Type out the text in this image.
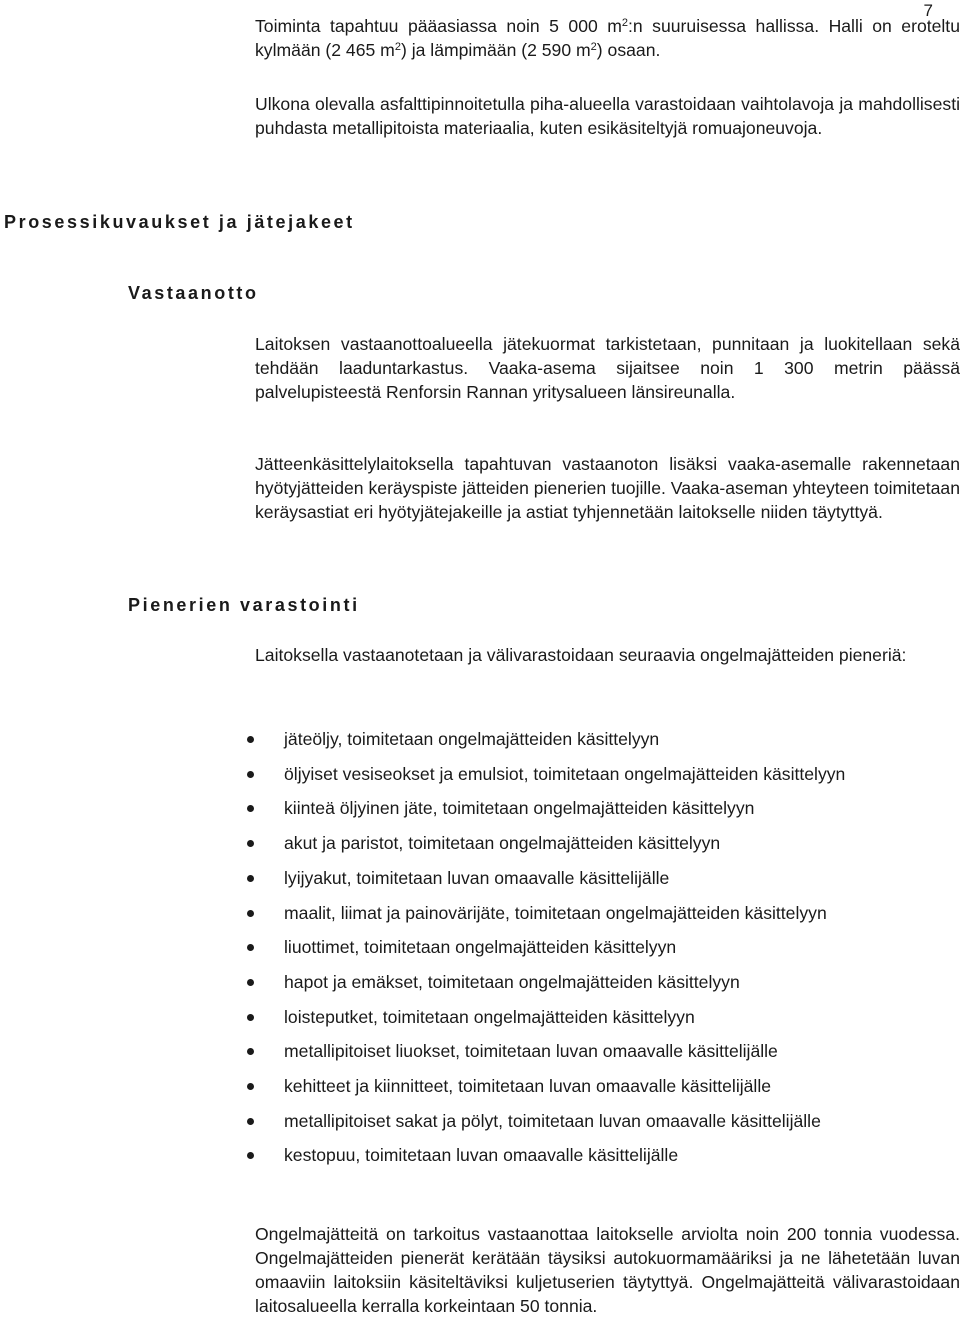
7

Toiminta tapahtuu pääasiassa noin 5 000 $m^2:n$ suuruisessa hallissa. Halli on eroteltu kylmään (2 465 $m^2$) ja lämpimään (2 590 $m^2$) osaan.

Ulkona olevalla asfalttipinnoitetulla piha-alueella varastoidaan vaihtolavoja ja mahdollisesti puhdasta metallipitoista materiaalia, kuten esikäsiteltyjä romuajoneuvoja.

Prosessikuvaukset ja jätejakeet
Vastaanotto

Laitoksen vastaanottoalueella jätekuormat tarkistetaan, punnitaan ja luokitellaan sekä tehdään laaduntarkastus. Vaaka-asema sijaitsee noin 1 300 metrin päässä palvelupisteestä Renforsin Rannan yritysalueen länsireunalla.

Jätteenkäsittelylaitoksella tapahtuvan vastaanoton lisäksi vaaka-asemalle rakennetaan hyötyjätteiden keräyspiste jätteiden pienerien tuojille. Vaaka-aseman yhteyteen toimitetaan keräysastiat eri hyötyjätejakeille ja astiat tyhjennetään laitokselle niiden täytyttyä.

Pienerien varastointi

Laitoksella vastaanotetaan ja välivarastoidaan seuraavia ongelmajätteiden pieneriä:

jäteöljy, toimitetaan ongelmajätteiden käsittelyyn
öljyiset vesiseokset ja emulsiot, toimitetaan ongelmajätteiden käsittelyyn
kiinteä öljyinen jäte, toimitetaan ongelmajätteiden käsittelyyn
akut ja paristot, toimitetaan ongelmajätteiden käsittelyyn
lyijyakut, toimitetaan luvan omaavalle käsittelijälle
maalit, liimat ja painovärijäte, toimitetaan ongelmajätteiden käsittelyyn
liuottimet, toimitetaan ongelmajätteiden käsittelyyn
hapot ja emäkset, toimitetaan ongelmajätteiden käsittelyyn
loisteputket, toimitetaan ongelmajätteiden käsittelyyn
metallipitoiset liuokset, toimitetaan luvan omaavalle käsittelijälle
kehitteet ja kiinnitteet, toimitetaan luvan omaavalle käsittelijälle
metallipitoiset sakat ja pölyt, toimitetaan luvan omaavalle käsittelijälle
kestopuu, toimitetaan luvan omaavalle käsittelijälle

Ongelmajätteitä on tarkoitus vastaanottaa laitokselle arviolta noin 200 tonnia vuodessa. Ongelmajätteiden pienerät kerätään täysiksi autokuormamääriksi ja ne lähetetään luvan omaaviin laitoksiin käsiteltäviksi kuljetuserien täytyttyä. Ongelmajätteitä välivarastoidaan laitosalueella kerralla korkeintaan 50 tonnia.
